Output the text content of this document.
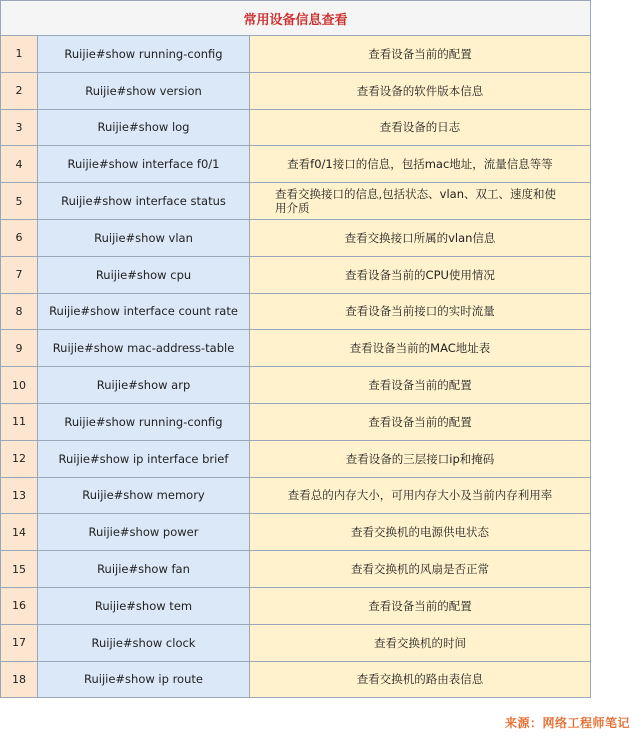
常用设备信息查看
1	Ruijie#show running-config	查看设备当前的配置
2	Ruijie#show version	查看设备的软件版本信息
3	Ruijie#show log	查看设备的日志
4	Ruijie#show interface f0/1	查看f0/1接口的信息，包括mac地址，流量信息等等
5	Ruijie#show interface status	查看交换接口的信息,包括状态、vlan、双工、速度和使用介质
6	Ruijie#show vlan	查看交换接口所属的vlan信息
7	Ruijie#show cpu	查看设备当前的CPU使用情况
8	Ruijie#show interface count rate	查看设备当前接口的实时流量
9	Ruijie#show mac-address-table	查看设备当前的MAC地址表
10	Ruijie#show arp	查看设备当前的配置
11	Ruijie#show running-config	查看设备当前的配置
12	Ruijie#show ip interface brief	查看设备的三层接口ip和掩码
13	Ruijie#show memory	查看总的内存大小，可用内存大小及当前内存利用率
14	Ruijie#show power	查看交换机的电源供电状态
15	Ruijie#show fan	查看交换机的风扇是否正常
16	Ruijie#show tem	查看设备当前的配置
17	Ruijie#show clock	查看交换机的时间
18	Ruijie#show ip route	查看交换机的路由表信息
来源：网络工程师笔记
